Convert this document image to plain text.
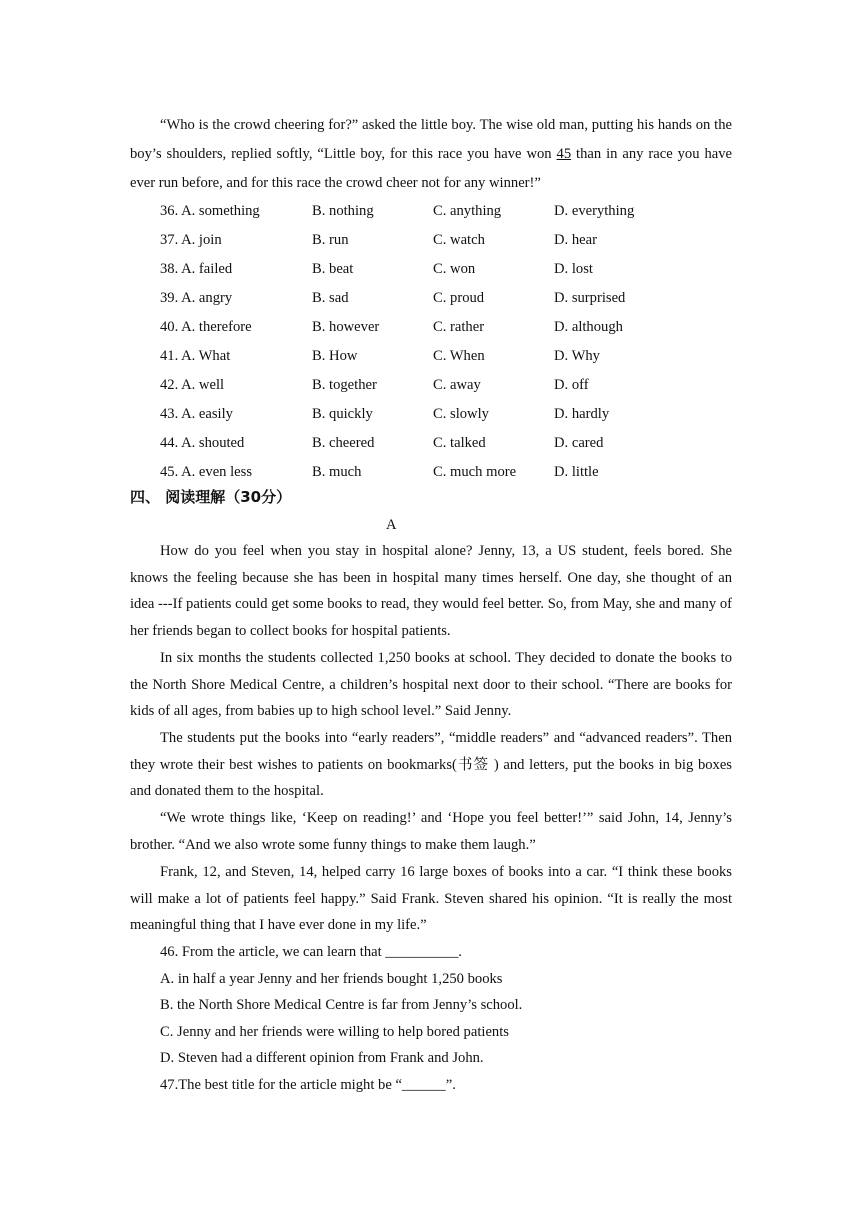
“Who is the crowd cheering for?” asked the little boy. The wise old man, putting his hands on the boy’s shoulders, replied softly, “Little boy, for this race you have won 45 than in any race you have ever run before, and for this race the crowd cheer not for any winner!”

36. A. something	B. nothing	C. anything	D. everything
37. A. join	B. run	C. watch	D. hear
38. A. failed	B. beat	C. won	D. lost
39. A. angry	B. sad	C. proud	D. surprised
40. A. therefore	B. however	C. rather	D. although
41. A. What	B. How	C. When	D. Why
42. A. well	B. together	C. away	D. off
43. A. easily	B. quickly	C. slowly	D. hardly
44. A. shouted	B. cheered	C. talked	D. cared
45. A. even less	B. much	C. much more	D. little
四、 阅读理解（30分）
A

How do you feel when you stay in hospital alone? Jenny, 13, a US student, feels bored. She knows the feeling because she has been in hospital many times herself. One day, she thought of an idea ---If patients could get some books to read, they would feel better. So, from May, she and many of her friends began to collect books for hospital patients.

In six months the students collected 1,250 books at school. They decided to donate the books to the North Shore Medical Centre, a children’s hospital next door to their school. “There are books for kids of all ages, from babies up to high school level.” Said Jenny.

The students put the books into “early readers”, “middle readers” and “advanced readers”. Then they wrote their best wishes to patients on bookmarks(书签 ) and letters, put the books in big boxes and donated them to the hospital.

“We wrote things like, ‘Keep on reading!’ and ‘Hope you feel better!’” said John, 14, Jenny’s brother. “And we also wrote some funny things to make them laugh.”

Frank, 12, and Steven, 14, helped carry 16 large boxes of books into a car. “I think these books will make a lot of patients feel happy.” Said Frank. Steven shared his opinion. “It is really the most meaningful thing that I have ever done in my life.”

46. From the article, we can learn that __________.
A. in half a year Jenny and her friends bought 1,250 books
B. the North Shore Medical Centre is far from Jenny’s school.
C. Jenny and her friends were willing to help bored patients
D. Steven had a different opinion from Frank and John.
47.The best title for the article might be “______”.
